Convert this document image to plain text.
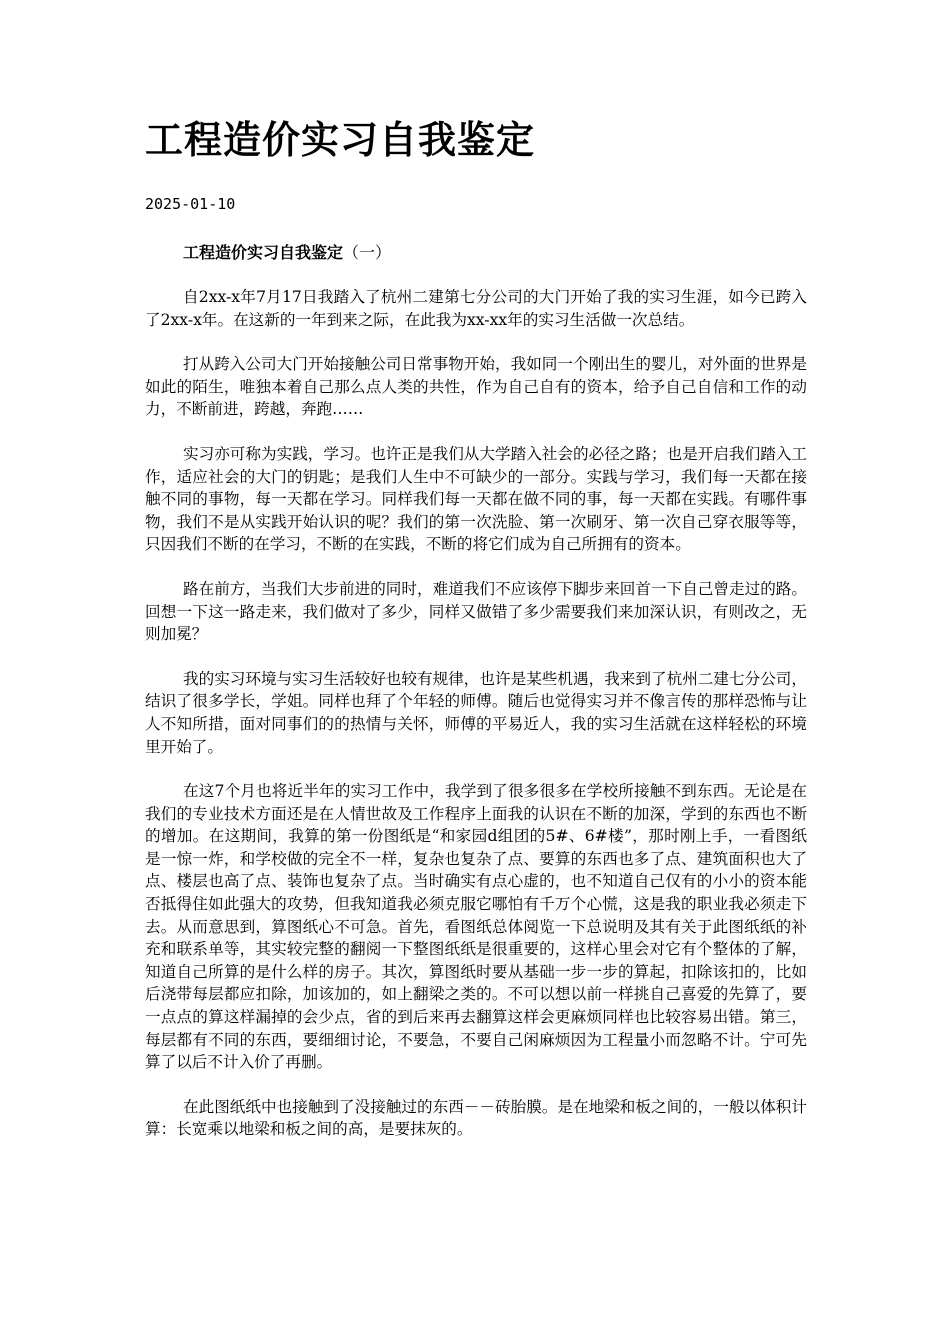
工程造价实习自我鉴定
2025-01-10

工程造价实习自我鉴定（一）

自2xx-x年7月17日我踏入了杭州二建第七分公司的大门开始了我的实习生涯，如今已跨入了2xx-x年。在这新的一年到来之际，在此我为xx-xx年的实习生活做一次总结。

打从跨入公司大门开始接触公司日常事物开始，我如同一个刚出生的婴儿，对外面的世界是如此的陌生，唯独本着自己那么点人类的共性，作为自己自有的资本，给予自己自信和工作的动力，不断前进，跨越，奔跑……

实习亦可称为实践，学习。也许正是我们从大学踏入社会的必径之路；也是开启我们踏入工作，适应社会的大门的钥匙；是我们人生中不可缺少的一部分。实践与学习，我们每一天都在接触不同的事物，每一天都在学习。同样我们每一天都在做不同的事，每一天都在实践。有哪件事物，我们不是从实践开始认识的呢？我们的第一次洗脸、第一次刷牙、第一次自己穿衣服等等，只因我们不断的在学习，不断的在实践，不断的将它们成为自己所拥有的资本。

路在前方，当我们大步前进的同时，难道我们不应该停下脚步来回首一下自己曾走过的路。回想一下这一路走来，我们做对了多少，同样又做错了多少需要我们来加深认识，有则改之，无则加冕？

我的实习环境与实习生活较好也较有规律，也许是某些机遇，我来到了杭州二建七分公司，结识了很多学长，学姐。同样也拜了个年轻的师傅。随后也觉得实习并不像言传的那样恐怖与让人不知所措，面对同事们的的热情与关怀，师傅的平易近人，我的实习生活就在这样轻松的环境里开始了。

在这7个月也将近半年的实习工作中，我学到了很多很多在学校所接触不到东西。无论是在我们的专业技术方面还是在人情世故及工作程序上面我的认识在不断的加深，学到的东西也不断的增加。在这期间，我算的第一份图纸是“和家园d组团的5#、6#楼”，那时刚上手，一看图纸是一惊一炸，和学校做的完全不一样，复杂也复杂了点、要算的东西也多了点、建筑面积也大了点、楼层也高了点、装饰也复杂了点。当时确实有点心虚的，也不知道自己仅有的小小的资本能否抵得住如此强大的攻势，但我知道我必须克服它哪怕有千万个心慌，这是我的职业我必须走下去。从而意思到，算图纸心不可急。首先，看图纸总体阅览一下总说明及其有关于此图纸纸的补充和联系单等，其实较完整的翻阅一下整图纸纸是很重要的，这样心里会对它有个整体的了解，知道自己所算的是什么样的房子。其次，算图纸时要从基础一步一步的算起，扣除该扣的，比如后浇带每层都应扣除，加该加的，如上翻梁之类的。不可以想以前一样挑自己喜爱的先算了，要一点点的算这样漏掉的会少点，省的到后来再去翻算这样会更麻烦同样也比较容易出错。第三，每层都有不同的东西，要细细讨论，不要急，不要自己闲麻烦因为工程量小而忽略不计。宁可先算了以后不计入价了再删。

在此图纸纸中也接触到了没接触过的东西－－砖胎膜。是在地梁和板之间的，一般以体积计算：长宽乘以地梁和板之间的高，是要抹灰的。
